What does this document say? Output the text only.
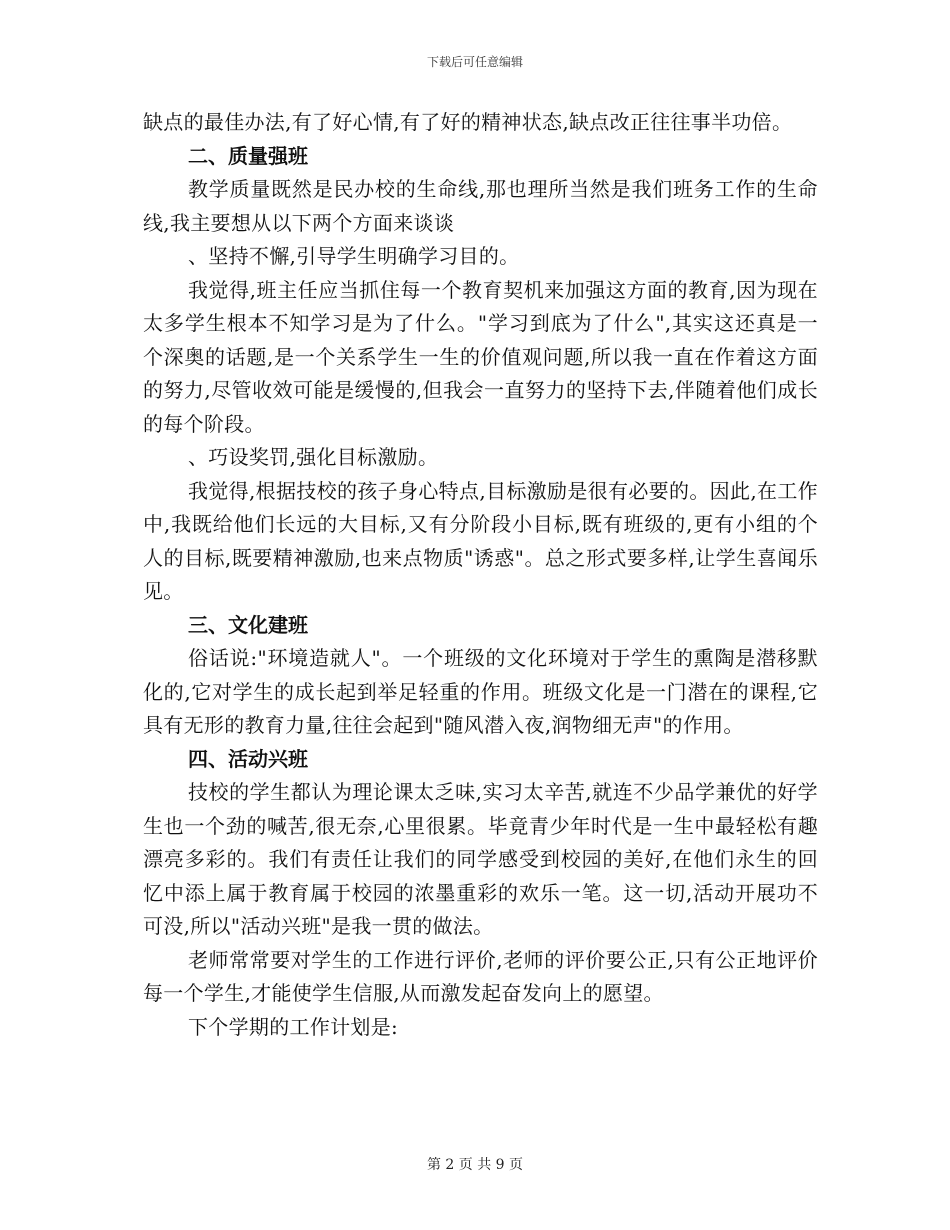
下载后可任意编辑

缺点的最佳办法,有了好心情,有了好的精神状态,缺点改正往往事半功倍。

二、质量强班

教学质量既然是民办校的生命线,那也理所当然是我们班务工作的生命线,我主要想从以下两个方面来谈谈

、坚持不懈,引导学生明确学习目的。

我觉得,班主任应当抓住每一个教育契机来加强这方面的教育,因为现在太多学生根本不知学习是为了什么。"学习到底为了什么",其实这还真是一个深奥的话题,是一个关系学生一生的价值观问题,所以我一直在作着这方面的努力,尽管收效可能是缓慢的,但我会一直努力的坚持下去,伴随着他们成长的每个阶段。

、巧设奖罚,强化目标激励。

我觉得,根据技校的孩子身心特点,目标激励是很有必要的。因此,在工作中,我既给他们长远的大目标,又有分阶段小目标,既有班级的,更有小组的个人的目标,既要精神激励,也来点物质"诱惑"。总之形式要多样,让学生喜闻乐见。

三、文化建班

俗话说:"环境造就人"。一个班级的文化环境对于学生的熏陶是潜移默化的,它对学生的成长起到举足轻重的作用。班级文化是一门潜在的课程,它具有无形的教育力量,往往会起到"随风潜入夜,润物细无声"的作用。

四、活动兴班

技校的学生都认为理论课太乏味,实习太辛苦,就连不少品学兼优的好学生也一个劲的喊苦,很无奈,心里很累。毕竟青少年时代是一生中最轻松有趣漂亮多彩的。我们有责任让我们的同学感受到校园的美好,在他们永生的回忆中添上属于教育属于校园的浓墨重彩的欢乐一笔。这一切,活动开展功不可没,所以"活动兴班"是我一贯的做法。

老师常常要对学生的工作进行评价,老师的评价要公正,只有公正地评价每一个学生,才能使学生信服,从而激发起奋发向上的愿望。

下个学期的工作计划是:

第 2 页 共 9 页
